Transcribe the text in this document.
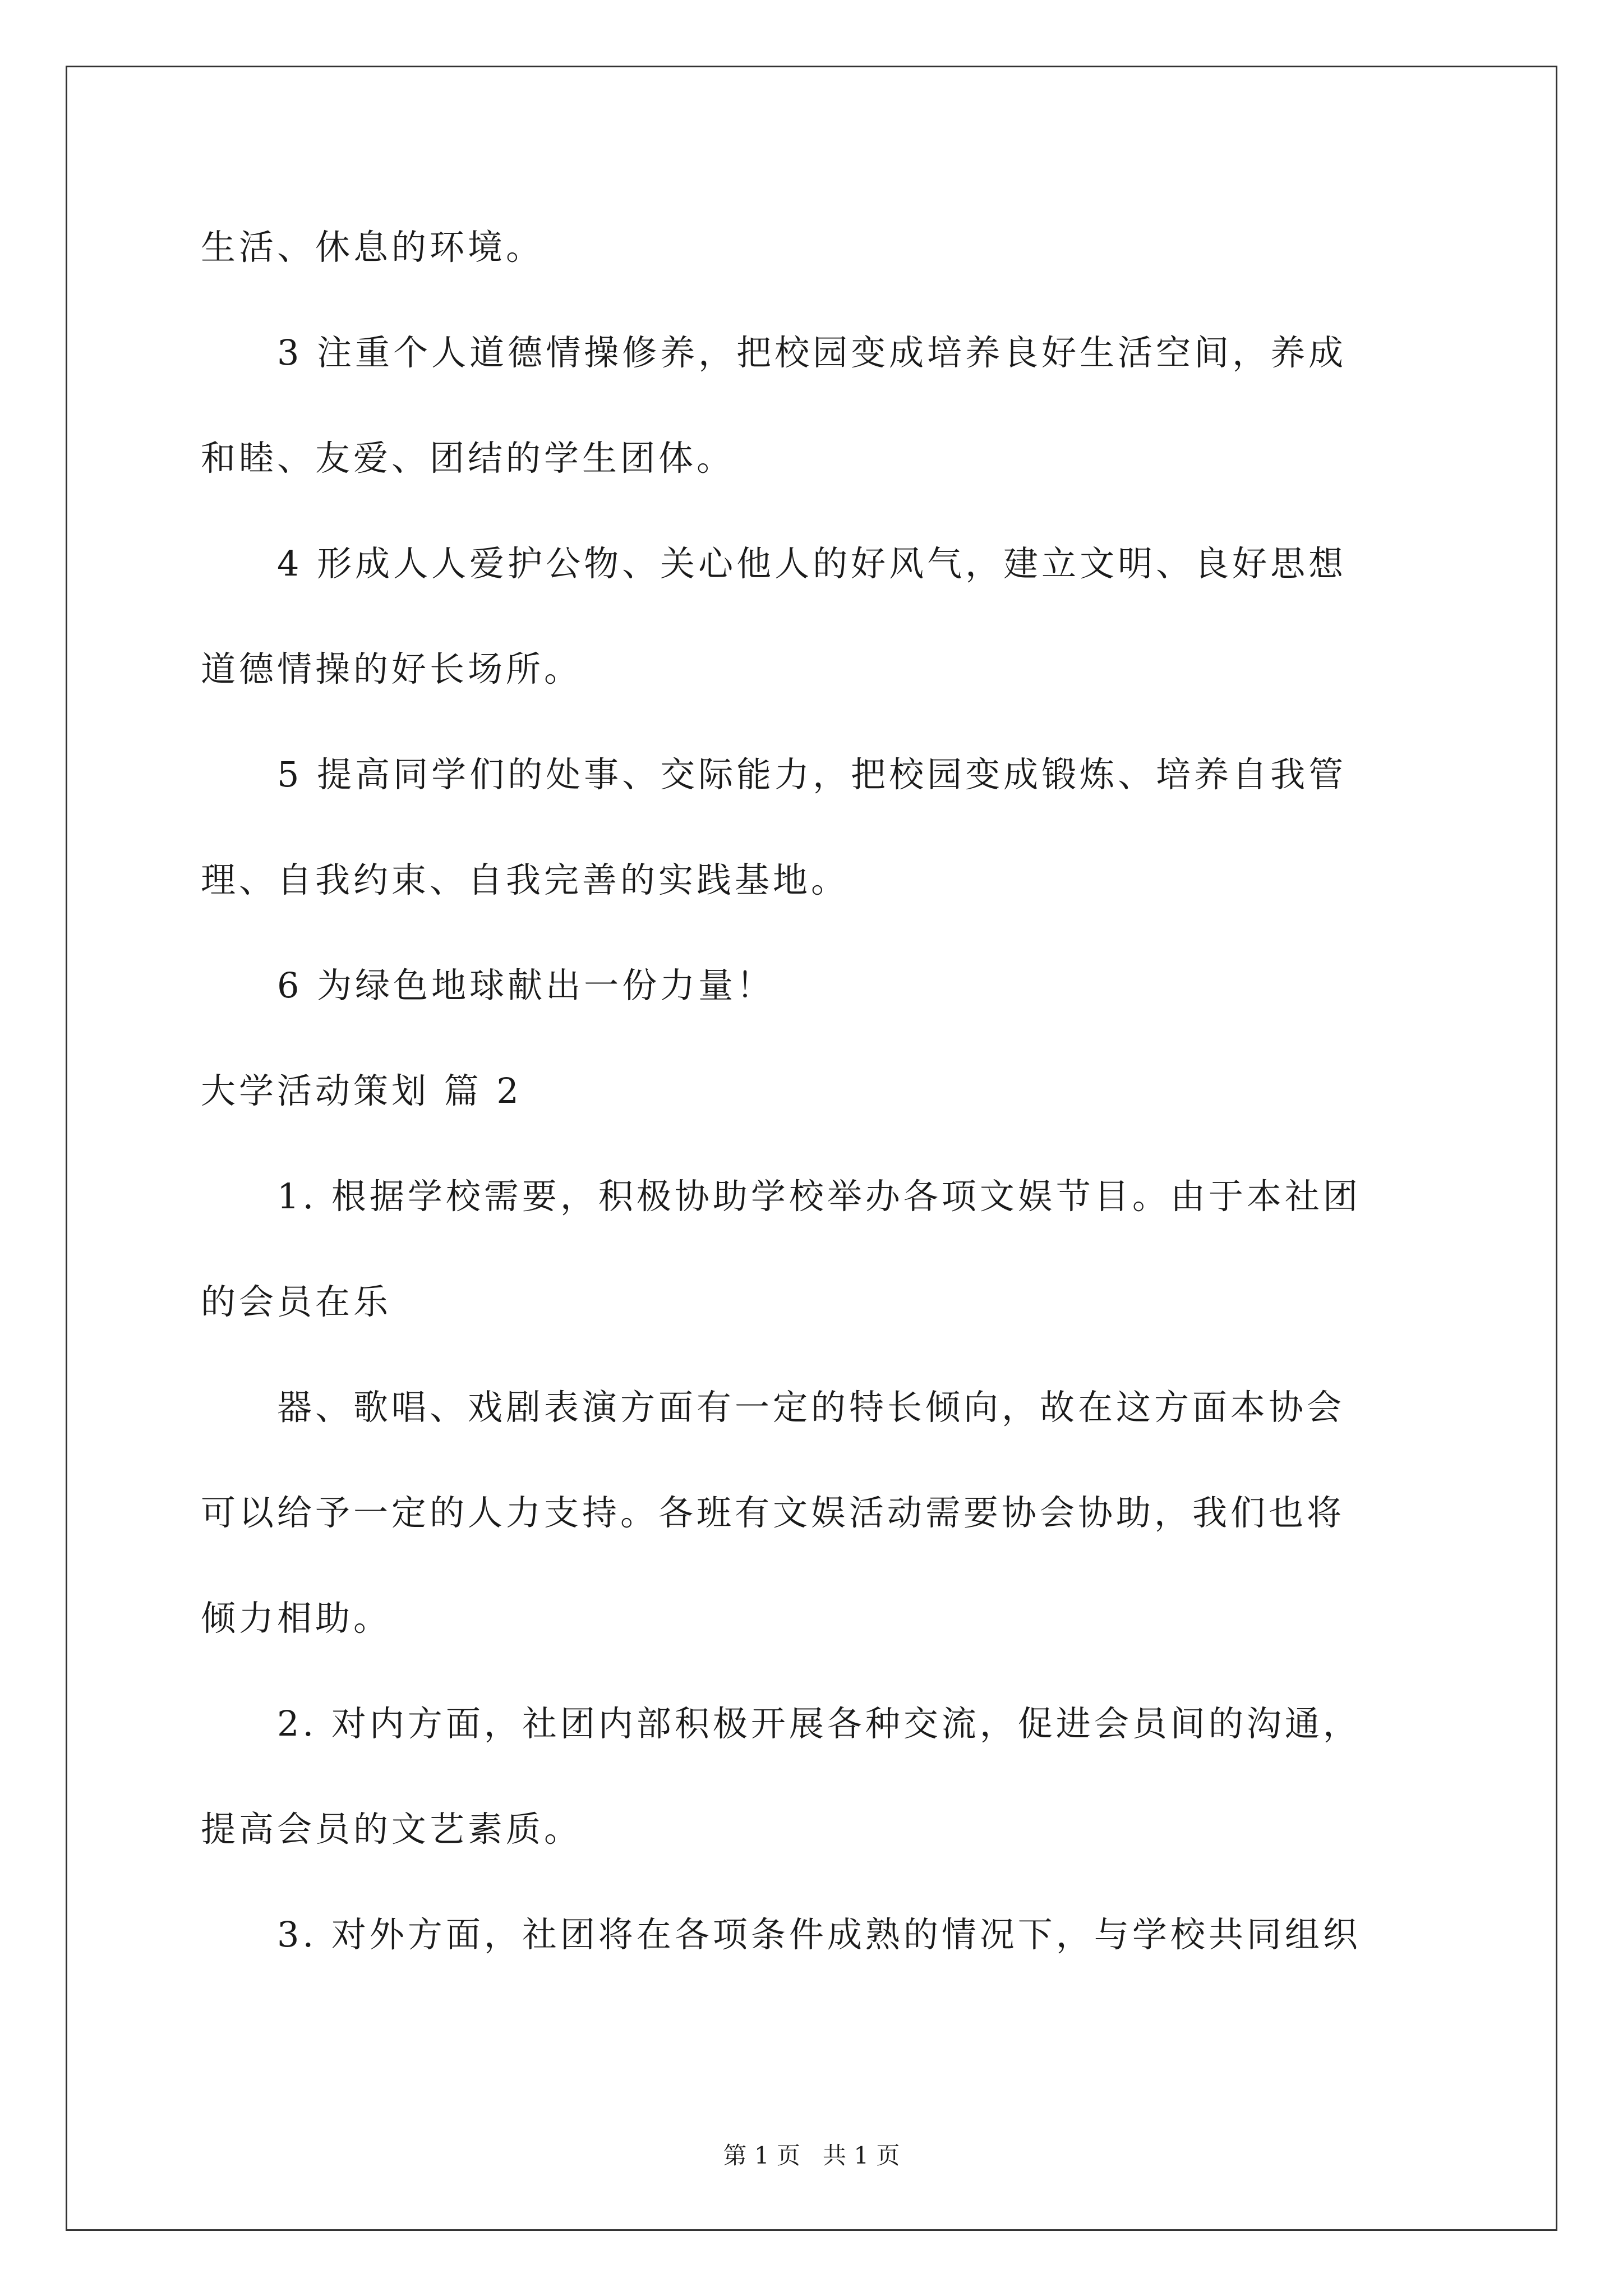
生活、休息的环境。
3 注重个人道德情操修养，把校园变成培养良好生活空间，养成
和睦、友爱、团结的学生团体。
4 形成人人爱护公物、关心他人的好风气，建立文明、良好思想
道德情操的好长场所。
5 提高同学们的处事、交际能力，把校园变成锻炼、培养自我管
理、自我约束、自我完善的实践基地。
6 为绿色地球献出一份力量！
大学活动策划 篇 2
1. 根据学校需要，积极协助学校举办各项文娱节目。由于本社团
的会员在乐
器、歌唱、戏剧表演方面有一定的特长倾向，故在这方面本协会
可以给予一定的人力支持。各班有文娱活动需要协会协助，我们也将
倾力相助。
2. 对内方面，社团内部积极开展各种交流，促进会员间的沟通，
提高会员的文艺素质。
3. 对外方面，社团将在各项条件成熟的情况下，与学校共同组织
第 1 页   共 1 页
